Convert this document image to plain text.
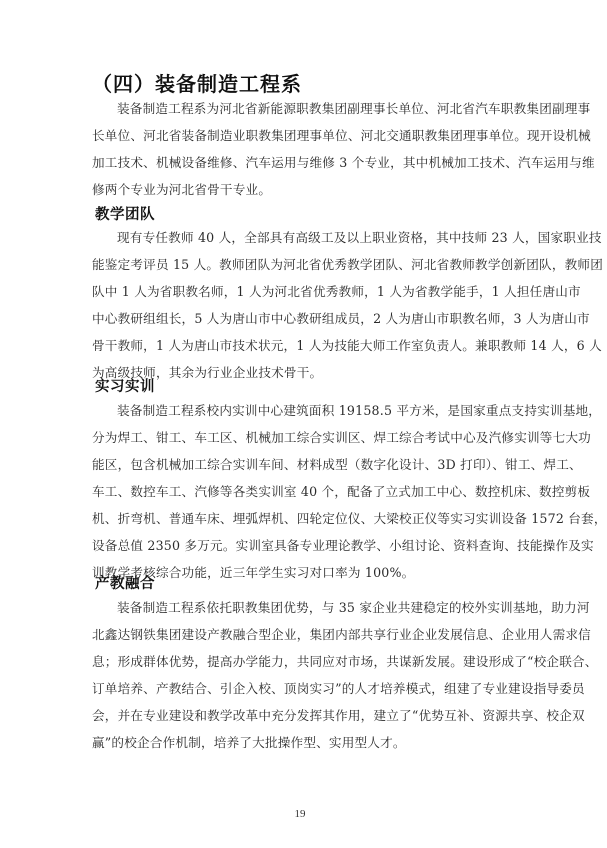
（四）装备制造工程系
装备制造工程系为河北省新能源职教集团副理事长单位、河北省汽车职教集团副理事
长单位、河北省装备制造业职教集团理事单位、河北交通职教集团理事单位。现开设机械
加工技术、机械设备维修、汽车运用与维修 3 个专业，其中机械加工技术、汽车运用与维
修两个专业为河北省骨干专业。
教学团队
现有专任教师 40 人，全部具有高级工及以上职业资格，其中技师 23 人，国家职业技
能鉴定考评员 15 人。教师团队为河北省优秀教学团队、河北省教师教学创新团队，教师团
队中 1 人为省职教名师，1 人为河北省优秀教师，1 人为省教学能手，1 人担任唐山市
中心教研组组长，5 人为唐山市中心教研组成员，2 人为唐山市职教名师，3 人为唐山市
骨干教师，1 人为唐山市技术状元，1 人为技能大师工作室负责人。兼职教师 14 人，6 人
为高级技师，其余为行业企业技术骨干。
实习实训
装备制造工程系校内实训中心建筑面积 19158.5 平方米，是国家重点支持实训基地，
分为焊工、钳工、车工区、机械加工综合实训区、焊工综合考试中心及汽修实训等七大功
能区，包含机械加工综合实训车间、材料成型（数字化设计、3D 打印）、钳工、焊工、
车工、数控车工、汽修等各类实训室 40 个，配备了立式加工中心、数控机床、数控剪板
机、折弯机、普通车床、埋弧焊机、四轮定位仪、大梁校正仪等实习实训设备 1572 台套，
设备总值 2350 多万元。实训室具备专业理论教学、小组讨论、资料查询、技能操作及实
训教学考核综合功能，近三年学生实习对口率为 100%。
产教融合
装备制造工程系依托职教集团优势，与 35 家企业共建稳定的校外实训基地，助力河
北鑫达钢铁集团建设产教融合型企业，集团内部共享行业企业发展信息、企业用人需求信
息；形成群体优势，提高办学能力，共同应对市场，共谋新发展。建设形成了“校企联合、
订单培养、产教结合、引企入校、顶岗实习”的人才培养模式，组建了专业建设指导委员
会，并在专业建设和教学改革中充分发挥其作用，建立了“优势互补、资源共享、校企双
赢”的校企合作机制，培养了大批操作型、实用型人才。
19
